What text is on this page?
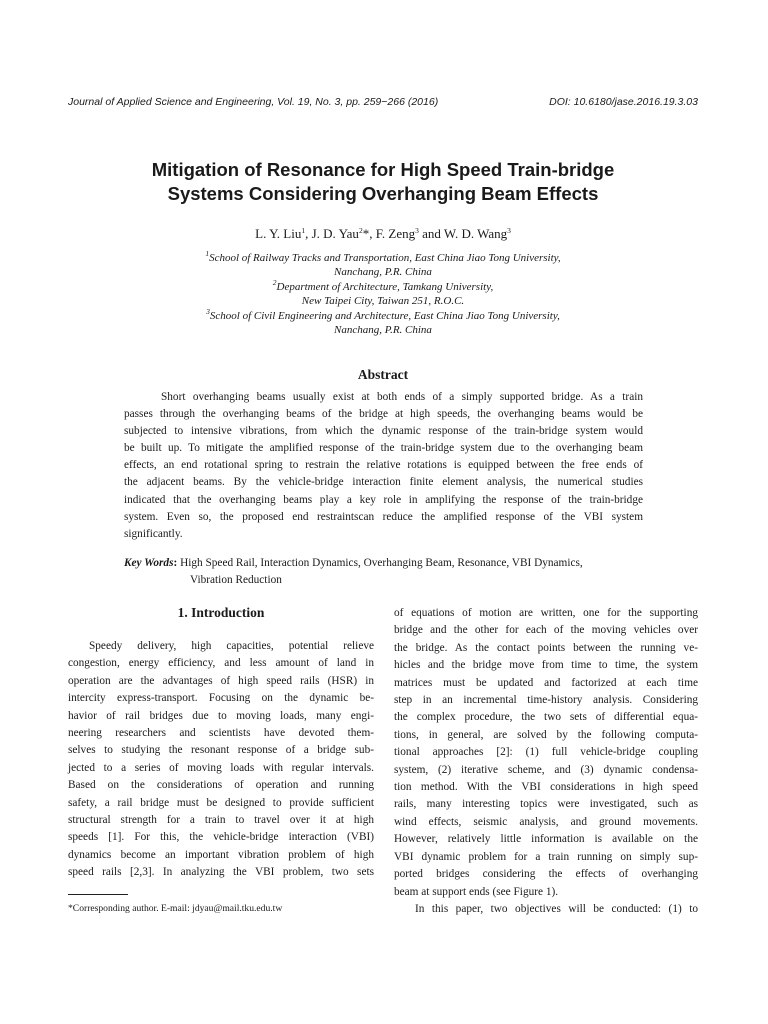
Journal of Applied Science and Engineering, Vol. 19, No. 3, pp. 259−266 (2016)	DOI: 10.6180/jase.2016.19.3.03
Mitigation of Resonance for High Speed Train-bridge
Systems Considering Overhanging Beam Effects
L. Y. Liu$^1$, J. D. Yau$^2$*, F. Zeng$^3$ and W. D. Wang$^3$
$^1$School of Railway Tracks and Transportation, East China Jiao Tong University,
Nanchang, P.R. China
$^2$Department of Architecture, Tamkang University,
New Taipei City, Taiwan 251, R.O.C.
$^3$School of Civil Engineering and Architecture, East China Jiao Tong University,
Nanchang, P.R. China
Abstract
Short overhanging beams usually exist at both ends of a simply supported bridge. As a train
passes through the overhanging beams of the bridge at high speeds, the overhanging beams would be
subjected to intensive vibrations, from which the dynamic response of the train-bridge system would
be built up. To mitigate the amplified response of the train-bridge system due to the overhanging beam
effects, an end rotational spring to restrain the relative rotations is equipped between the free ends of
the adjacent beams. By the vehicle-bridge interaction finite element analysis, the numerical studies
indicated that the overhanging beams play a key role in amplifying the response of the train-bridge
system. Even so, the proposed end restraintscan reduce the amplified response of the VBI system
significantly.
Key Words: High Speed Rail, Interaction Dynamics, Overhanging Beam, Resonance, VBI Dynamics,
Vibration Reduction
1. Introduction
Speedy delivery, high capacities, potential relieve
congestion, energy efficiency, and less amount of land in
operation are the advantages of high speed rails (HSR) in
intercity express-transport. Focusing on the dynamic be-
havior of rail bridges due to moving loads, many engi-
neering researchers and scientists have devoted them-
selves to studying the resonant response of a bridge sub-
jected to a series of moving loads with regular intervals.
Based on the considerations of operation and running
safety, a rail bridge must be designed to provide sufficient
structural strength for a train to travel over it at high
speeds [1]. For this, the vehicle-bridge interaction (VBI)
dynamics become an important vibration problem of high
speed rails [2,3]. In analyzing the VBI problem, two sets
of equations of motion are written, one for the supporting
bridge and the other for each of the moving vehicles over
the bridge. As the contact points between the running ve-
hicles and the bridge move from time to time, the system
matrices must be updated and factorized at each time
step in an incremental time-history analysis. Considering
the complex procedure, the two sets of differential equa-
tions, in general, are solved by the following computa-
tional approaches [2]: (1) full vehicle-bridge coupling
system, (2) iterative scheme, and (3) dynamic condensa-
tion method. With the VBI considerations in high speed
rails, many interesting topics were investigated, such as
wind effects, seismic analysis, and ground movements.
However, relatively little information is available on the
VBI dynamic problem for a train running on simply sup-
ported bridges considering the effects of overhanging
beam at support ends (see Figure 1).
In this paper, two objectives will be conducted: (1) to
*Corresponding author. E-mail: jdyau@mail.tku.edu.tw
